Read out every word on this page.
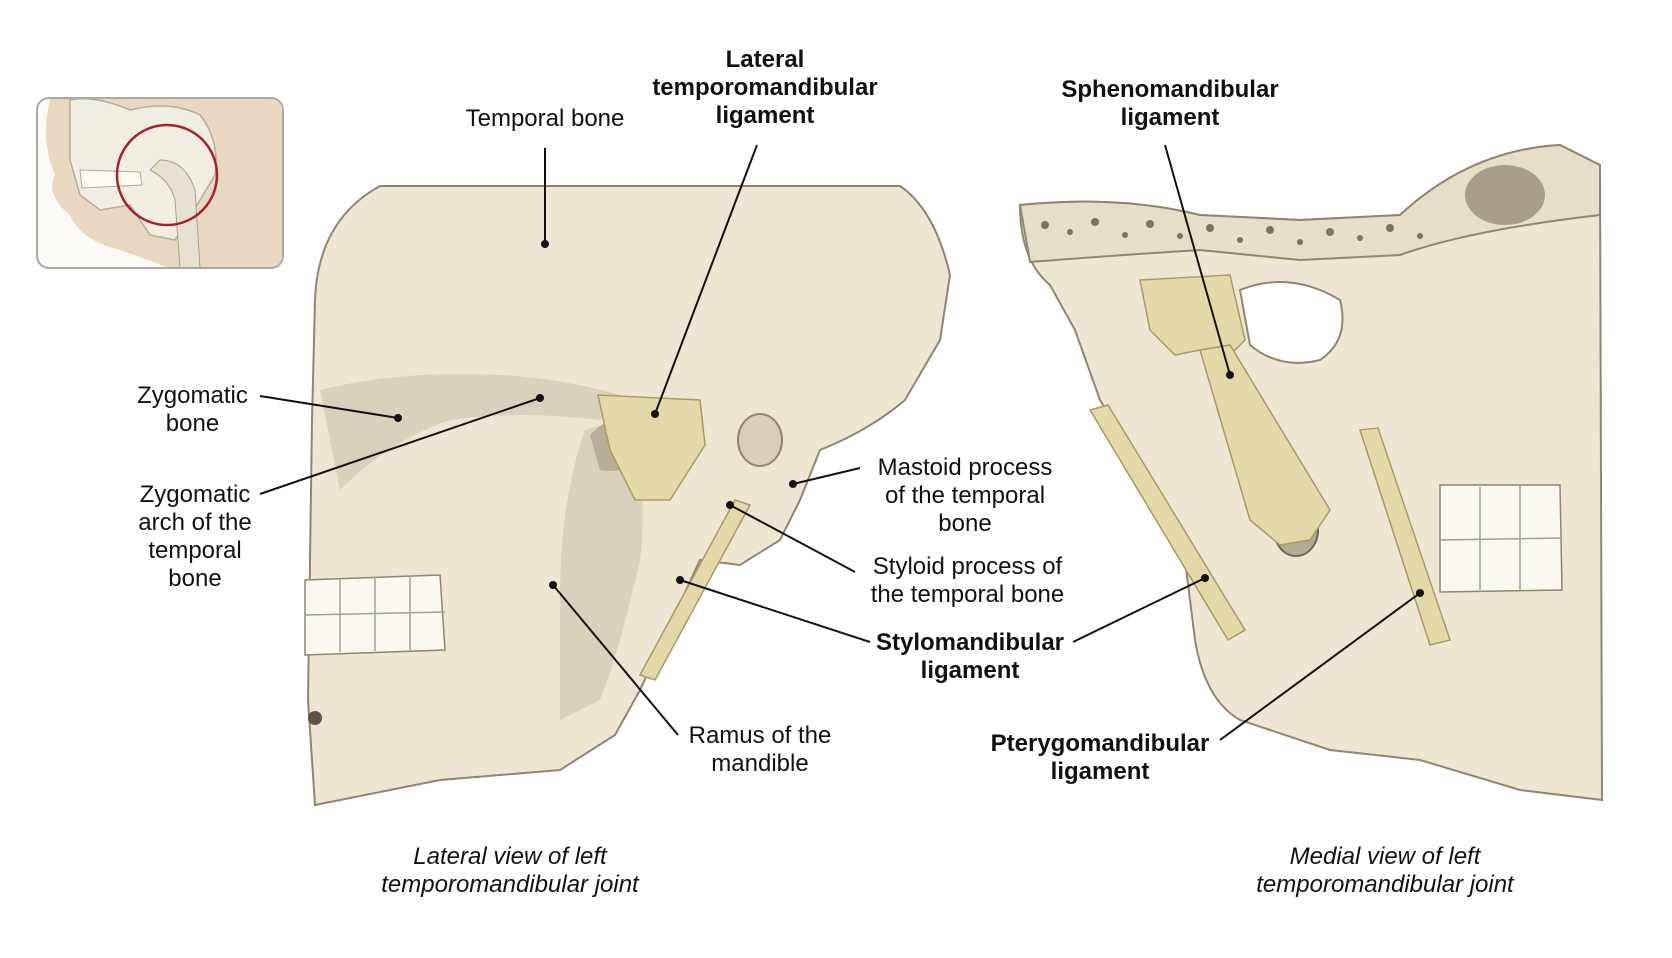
Temporal bone
Lateral
temporomandibular
ligament
Sphenomandibular
ligament
Zygomatic
bone
Zygomatic
arch of the
temporal
bone
Mastoid process
of the temporal
bone
Styloid process of
the temporal bone
Stylomandibular
ligament
Ramus of the
mandible
Pterygomandibular
ligament
Lateral view of left
temporomandibular joint
Medial view of left
temporomandibular joint
